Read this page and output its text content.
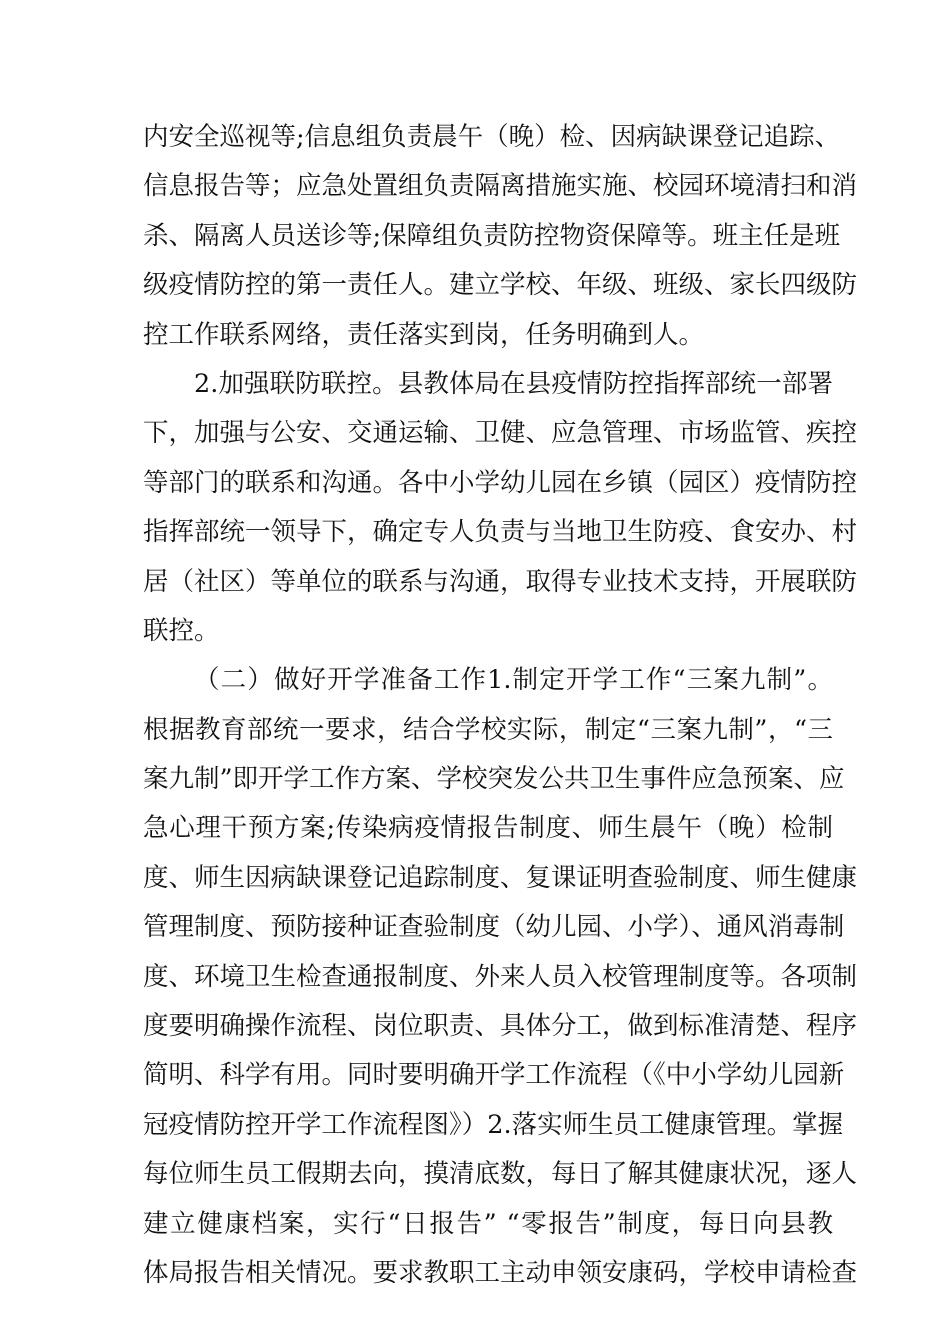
内安全巡视等;信息组负责晨午（晚）检、因病缺课登记追踪、
信息报告等；应急处置组负责隔离措施实施、校园环境清扫和消
杀、隔离人员送诊等;保障组负责防控物资保障等。班主任是班
级疫情防控的第一责任人。建立学校、年级、班级、家长四级防
控工作联系网络，责任落实到岗，任务明确到人。
2.加强联防联控。县教体局在县疫情防控指挥部统一部署
下，加强与公安、交通运输、卫健、应急管理、市场监管、疾控
等部门的联系和沟通。各中小学幼儿园在乡镇（园区）疫情防控
指挥部统一领导下，确定专人负责与当地卫生防疫、食安办、村
居（社区）等单位的联系与沟通，取得专业技术支持，开展联防
联控。
（二）做好开学准备工作1.制定开学工作“三案九制”。
根据教育部统一要求，结合学校实际，制定“三案九制”，“三
案九制”即开学工作方案、学校突发公共卫生事件应急预案、应
急心理干预方案;传染病疫情报告制度、师生晨午（晚）检制
度、师生因病缺课登记追踪制度、复课证明查验制度、师生健康
管理制度、预防接种证查验制度（幼儿园、小学）、通风消毒制
度、环境卫生检查通报制度、外来人员入校管理制度等。各项制
度要明确操作流程、岗位职责、具体分工，做到标准清楚、程序
简明、科学有用。同时要明确开学工作流程（《中小学幼儿园新
冠疫情防控开学工作流程图》）2.落实师生员工健康管理。掌握
每位师生员工假期去向，摸清底数，每日了解其健康状况，逐人
建立健康档案，实行“日报告” “零报告”制度，每日向县教
体局报告相关情况。要求教职工主动申领安康码，学校申请检查
